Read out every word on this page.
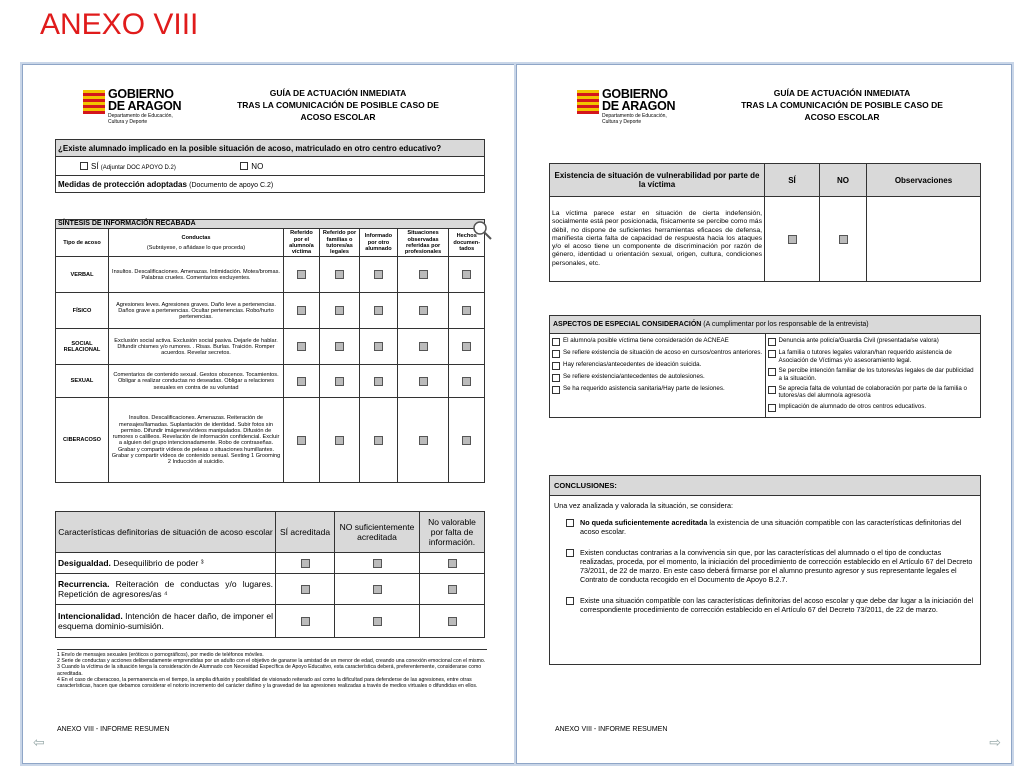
ANEXO VIII
GOBIERNO
DE ARAGON
Departamento de Educación, Cultura y Deporte
GUÍA DE ACTUACIÓN INMEDIATA
TRAS LA COMUNICACIÓN DE POSIBLE CASO DE
ACOSO ESCOLAR
¿Existe alumnado implicado en la posible situación de acoso, matriculado en otro centro educativo?
SÍ (Adjuntar DOC APOYO D.2)	NO
Medidas de protección adoptadas (Documento de apoyo C.2)
SÍNTESIS DE INFORMACIÓN RECABADA						
Tipo de acoso	Conductas
(Subráyese, o añádase lo que proceda)	Referido por el alumno/a víctima	Referido por familias o tutores/as legales	Informado por otro alumnado	Situaciones observadas referidas por profesionales	Hechos documen-tados
VERBAL	Insultos. Descalificaciones. Amenazas. Intimidación. Motes/bromas. Palabras crueles. Comentarios excluyentes.					
FÍSICO	Agresiones leves. Agresiones graves. Daño leve a pertenencias. Daños grave a pertenencias. Ocultar pertenencias. Robo/hurto pertenencias.					
SOCIAL RELACIONAL	Exclusión social activa. Exclusión social pasiva. Dejarle de hablar. Difundir chismes y/o rumores. . Risas. Burlas. Traición. Romper acuerdos. Revelar secretos.					
SEXUAL	Comentarios de contenido sexual. Gestos obscenos. Tocamientos. Obligar a realizar conductas no deseadas. Obligar a relaciones sexuales en contra de su voluntad					
CIBERACOSO	Insultos. Descalificaciones. Amenazas. Reiteración de mensajes/llamadas. Suplantación de identidad. Subir fotos sin permiso. Difundir imágenes/vídeos manipulados. Difusión de rumores o calilleos. Revelación de información confidencial. Excluir a alguien del grupo intencionadamente. Robo de contraseñas. Grabar y compartir vídeos de peleas o situaciones humillantes. Grabar y compartir vídeos de contenido sexual. Sexting 1 Grooming 2 Inducción al suicidio.					
Características definitorias de situación de acoso escolar	SÍ acreditada	NO suficientemente acreditada	No valorable por falta de información.
Desigualdad. Desequilibrio de poder ³			
Recurrencia. Reiteración de conductas y/o lugares. Repetición de agresores/as ⁴			
Intencionalidad. Intención de hacer daño, de imponer el esquema dominio-sumisión.			
1 Envío de mensajes sexuales (eróticos o pornográficos), por medio de teléfonos móviles.
2 Serie de conductas y acciones deliberadamente emprendidas por un adulto con el objetivo de ganarse la amistad de un menor de edad, creando una conexión emocional con el mismo.
3 Cuando la víctima de la situación tenga la consideración de Alumnado con Necesidad Específica de Apoyo Educativo, esta característica deberá, preferentemente, considerarse como acreditada.
4 En el caso de ciberacoso, la permanencia en el tiempo, la amplia difusión y posibilidad de visionado reiterado así como la dificultad para defenderse de las agresiones, entre otras características, hacen que debamos considerar el notorio incremento del carácter dañino y la gravedad de las agresiones realizadas a través de medios virtuales o difundidas en ellos.
ANEXO VIII - INFORME RESUMEN
⇦
GOBIERNO
DE ARAGON
Departamento de Educación, Cultura y Deporte
GUÍA DE ACTUACIÓN INMEDIATA
TRAS LA COMUNICACIÓN DE POSIBLE CASO DE
ACOSO ESCOLAR
Existencia de situación de vulnerabilidad por parte de la víctima	SÍ	NO	Observaciones
La víctima parece estar en situación de cierta indefensión, socialmente está peor posicionada, físicamente se percibe como más débil, no dispone de suficientes herramientas eficaces de defensa, manifiesta cierta falta de capacidad de respuesta hacia los ataques y/o el acoso tiene un componente de discriminación por razón de género, identidad u orientación sexual, origen, cultura, condiciones personales, etc.			
ASPECTOS DE ESPECIAL CONSIDERACIÓN (A cumplimentar por los responsable de la entrevista)

El alumno/a posible víctima tiene consideración de ACNEAE
Se refiere existencia de situación de acoso en cursos/centros anteriores.
Hay referencias/antecedentes de ideación suicida.
Se refiere existencia/antecedentes de autolesiones.
Se ha requerido asistencia sanitaria/Hay parte de lesiones.

Denuncia ante policía/Guardia Civil (presentada/se valora)
La familia o tutores legales valoran/han requerido asistencia de Asociación de Víctimas y/o asesoramiento legal.
Se percibe intención familiar de los tutores/as legales de dar publicidad a la situación.
Se aprecia falta de voluntad de colaboración por parte de la familia o tutores/as del alumno/a agresor/a
Implicación de alumnado de otros centros educativos.
CONCLUSIONES:
Una vez analizada y valorada la situación, se considera:
No queda suficientemente acreditada la existencia de una situación compatible con las características definitorias del acoso escolar.
Existen conductas contrarias a la convivencia sin que, por las características del alumnado o el tipo de conductas realizadas, proceda, por el momento, la iniciación del procedimiento de corrección establecido en el Artículo 67 del Decreto 73/2011, de 22 de marzo. En este caso deberá firmarse por el alumno presunto agresor y sus representante legales el Contrato de conducta recogido en el Documento de Apoyo B.2.7.
Existe una situación compatible con las características definitorias del acoso escolar y que debe dar lugar a la iniciación del correspondiente procedimiento de corrección establecido en el Artículo 67 del Decreto 73/2011, de 22 de marzo.
ANEXO VIII - INFORME RESUMEN
⇨
